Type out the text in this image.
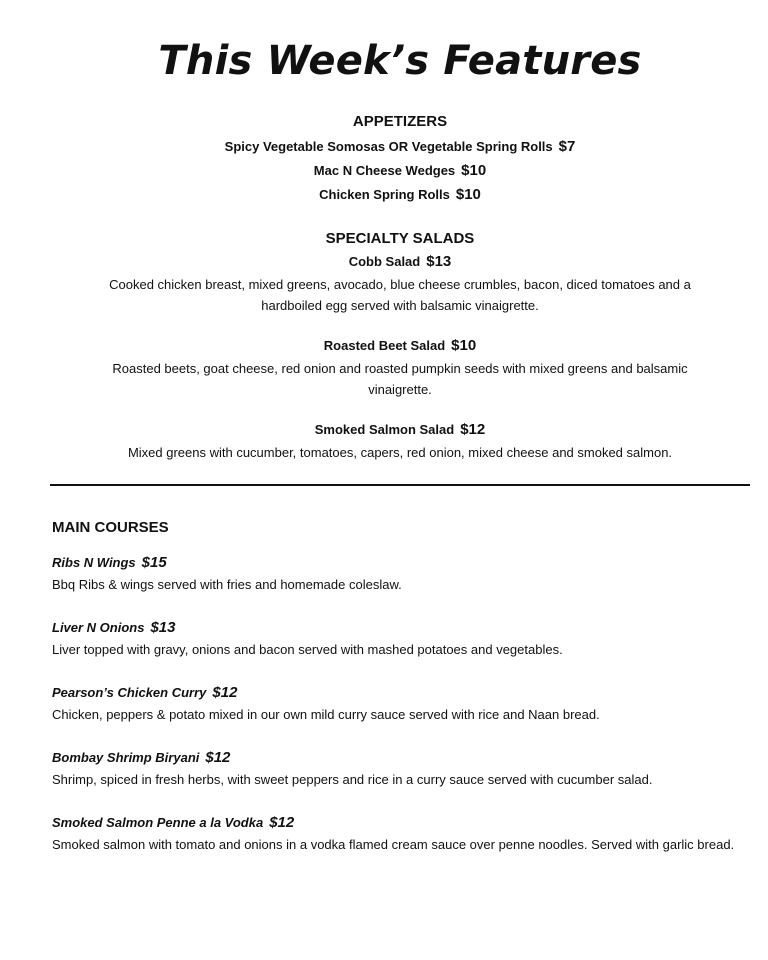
This Week’s Features
APPETIZERS
Spicy Vegetable Somosas OR Vegetable Spring Rolls $7
Mac N Cheese Wedges $10
Chicken Spring Rolls $10
SPECIALTY SALADS
Cobb Salad $13
Cooked chicken breast, mixed greens, avocado, blue cheese crumbles, bacon, diced tomatoes and a hardboiled egg served with balsamic vinaigrette.
Roasted Beet Salad $10
Roasted beets, goat cheese, red onion and roasted pumpkin seeds with mixed greens and balsamic vinaigrette.
Smoked Salmon Salad $12
Mixed greens with cucumber, tomatoes, capers, red onion, mixed cheese and smoked salmon.
MAIN COURSES
Ribs N Wings $15
Bbq Ribs & wings served with fries and homemade coleslaw.
Liver N Onions $13
Liver topped with gravy, onions and bacon served with mashed potatoes and vegetables.
Pearson’s Chicken Curry $12
Chicken, peppers & potato mixed in our own mild curry sauce served with rice and Naan bread.
Bombay Shrimp Biryani $12
Shrimp, spiced in fresh herbs, with sweet peppers and rice in a curry sauce served with cucumber salad.
Smoked Salmon Penne a la Vodka $12
Smoked salmon with tomato and onions in a vodka flamed cream sauce over penne noodles. Served with garlic bread.
